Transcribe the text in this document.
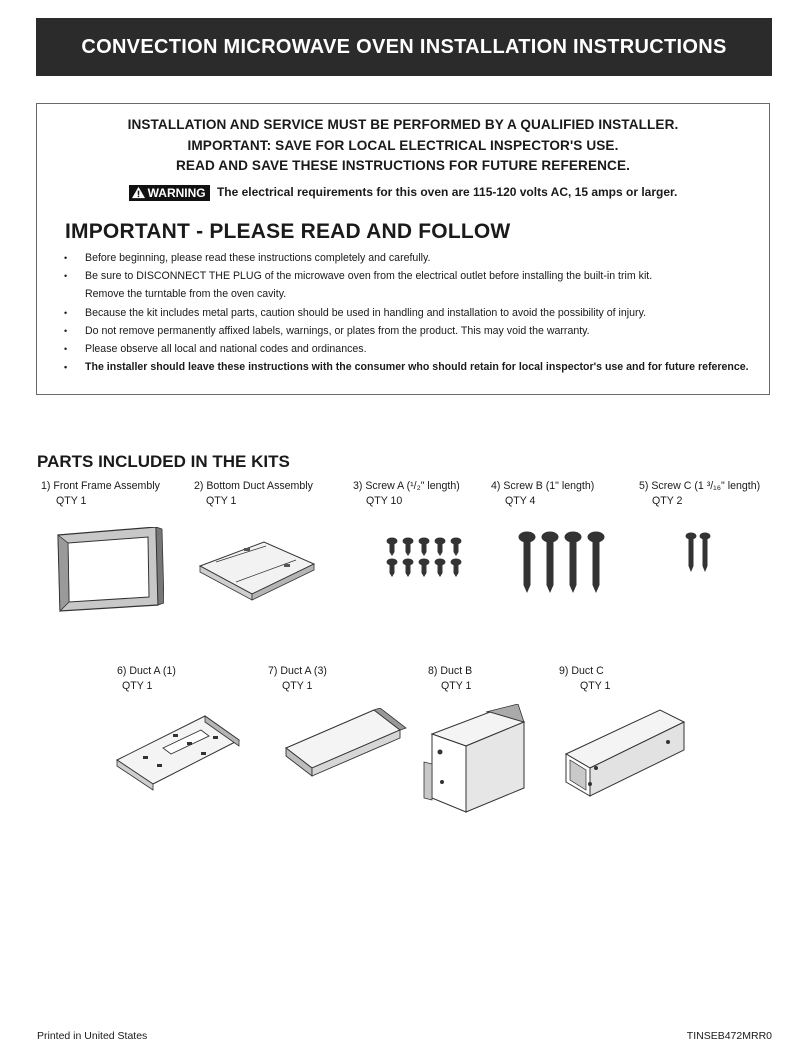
CONVECTION MICROWAVE OVEN INSTALLATION INSTRUCTIONS
INSTALLATION AND SERVICE MUST BE PERFORMED BY A QUALIFIED INSTALLER.
IMPORTANT: SAVE FOR LOCAL ELECTRICAL INSPECTOR'S USE.
READ AND SAVE THESE INSTRUCTIONS FOR FUTURE REFERENCE.
WARNING The electrical requirements for this oven are 115-120 volts AC, 15 amps or larger.
IMPORTANT - PLEASE READ AND FOLLOW
• Before beginning, please read these instructions completely and carefully.
• Be sure to DISCONNECT THE PLUG of the microwave oven from the electrical outlet before installing the built-in trim kit.
Remove the turntable from the oven cavity.
• Because the kit includes metal parts, caution should be used in handling and installation to avoid the possibility of injury.
• Do not remove permanently affixed labels, warnings, or plates from the product. This may void the warranty.
• Please observe all local and national codes and ordinances.
• The installer should leave these instructions with the consumer who should retain for local inspector's use and for future reference.
PARTS INCLUDED IN THE KITS
1) Front Frame Assembly
QTY 1
2) Bottom Duct Assembly
QTY 1
3) Screw A (¹/₂" length)
QTY 10
4) Screw B (1" length)
QTY 4
5) Screw C (1 ³/₁₆" length)
QTY 2
6) Duct A (1)
QTY 1
7) Duct A (3)
QTY 1
8) Duct B
QTY 1
9) Duct C
QTY 1
Printed in United States	TINSEB472MRR0
